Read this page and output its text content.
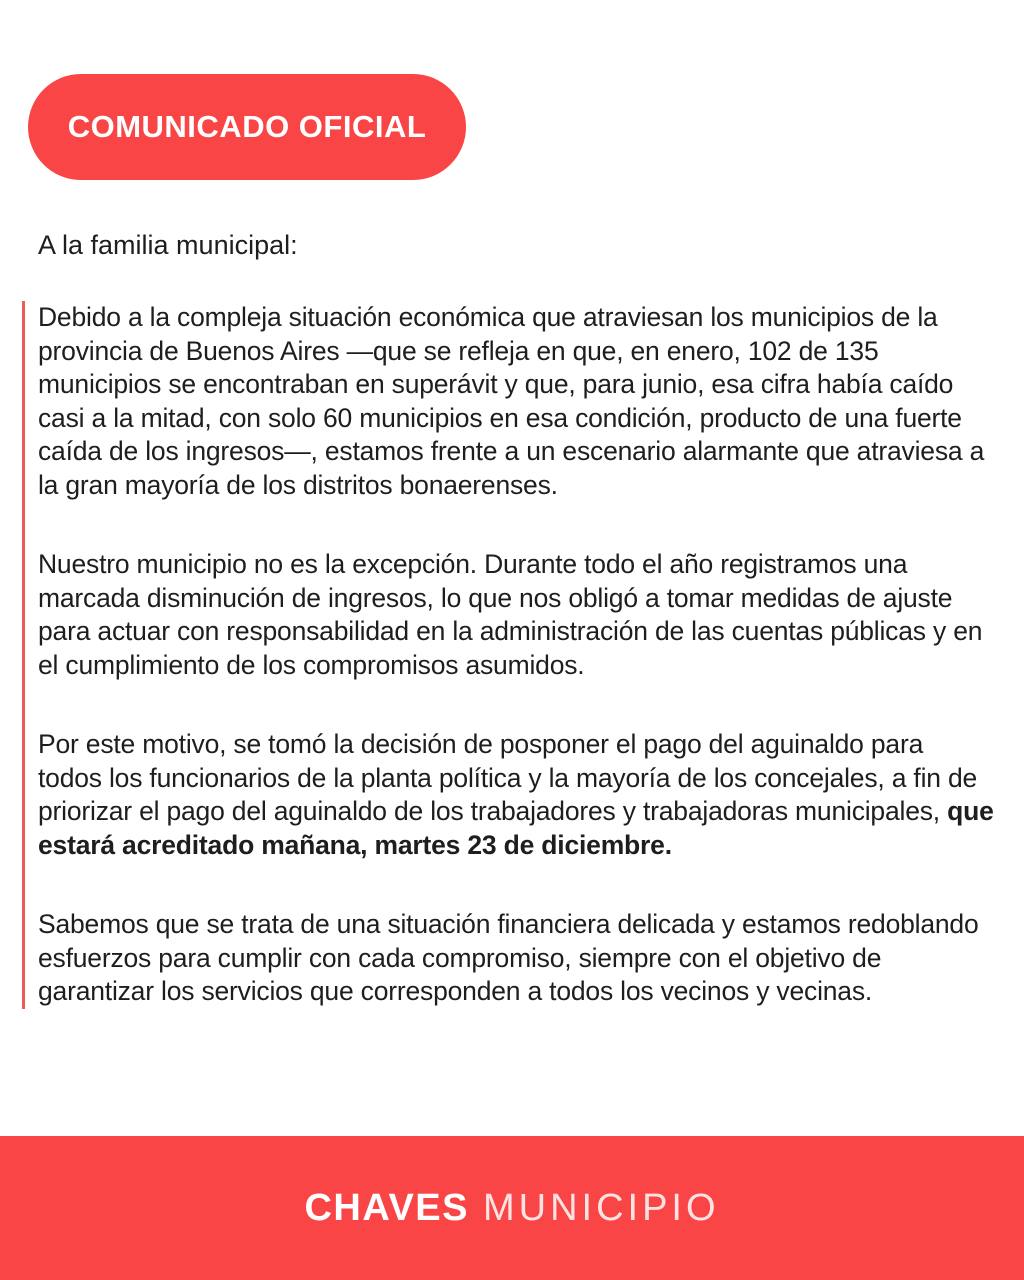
COMUNICADO OFICIAL

A la familia municipal:

Debido a la compleja situación económica que atraviesan los municipios de la provincia de Buenos Aires —que se refleja en que, en enero, 102 de 135 municipios se encontraban en superávit y que, para junio, esa cifra había caído casi a la mitad, con solo 60 municipios en esa condición, producto de una fuerte caída de los ingresos—, estamos frente a un escenario alarmante que atraviesa a la gran mayoría de los distritos bonaerenses.

Nuestro municipio no es la excepción. Durante todo el año registramos una marcada disminución de ingresos, lo que nos obligó a tomar medidas de ajuste para actuar con responsabilidad en la administración de las cuentas públicas y en el cumplimiento de los compromisos asumidos.

Por este motivo, se tomó la decisión de posponer el pago del aguinaldo para todos los funcionarios de la planta política y la mayoría de los concejales, a fin de priorizar el pago del aguinaldo de los trabajadores y trabajadoras municipales, que estará acreditado mañana, martes 23 de diciembre.

Sabemos que se trata de una situación financiera delicada y estamos redoblando esfuerzos para cumplir con cada compromiso, siempre con el objetivo de garantizar los servicios que corresponden a todos los vecinos y vecinas.

CHAVES MUNICIPIO
